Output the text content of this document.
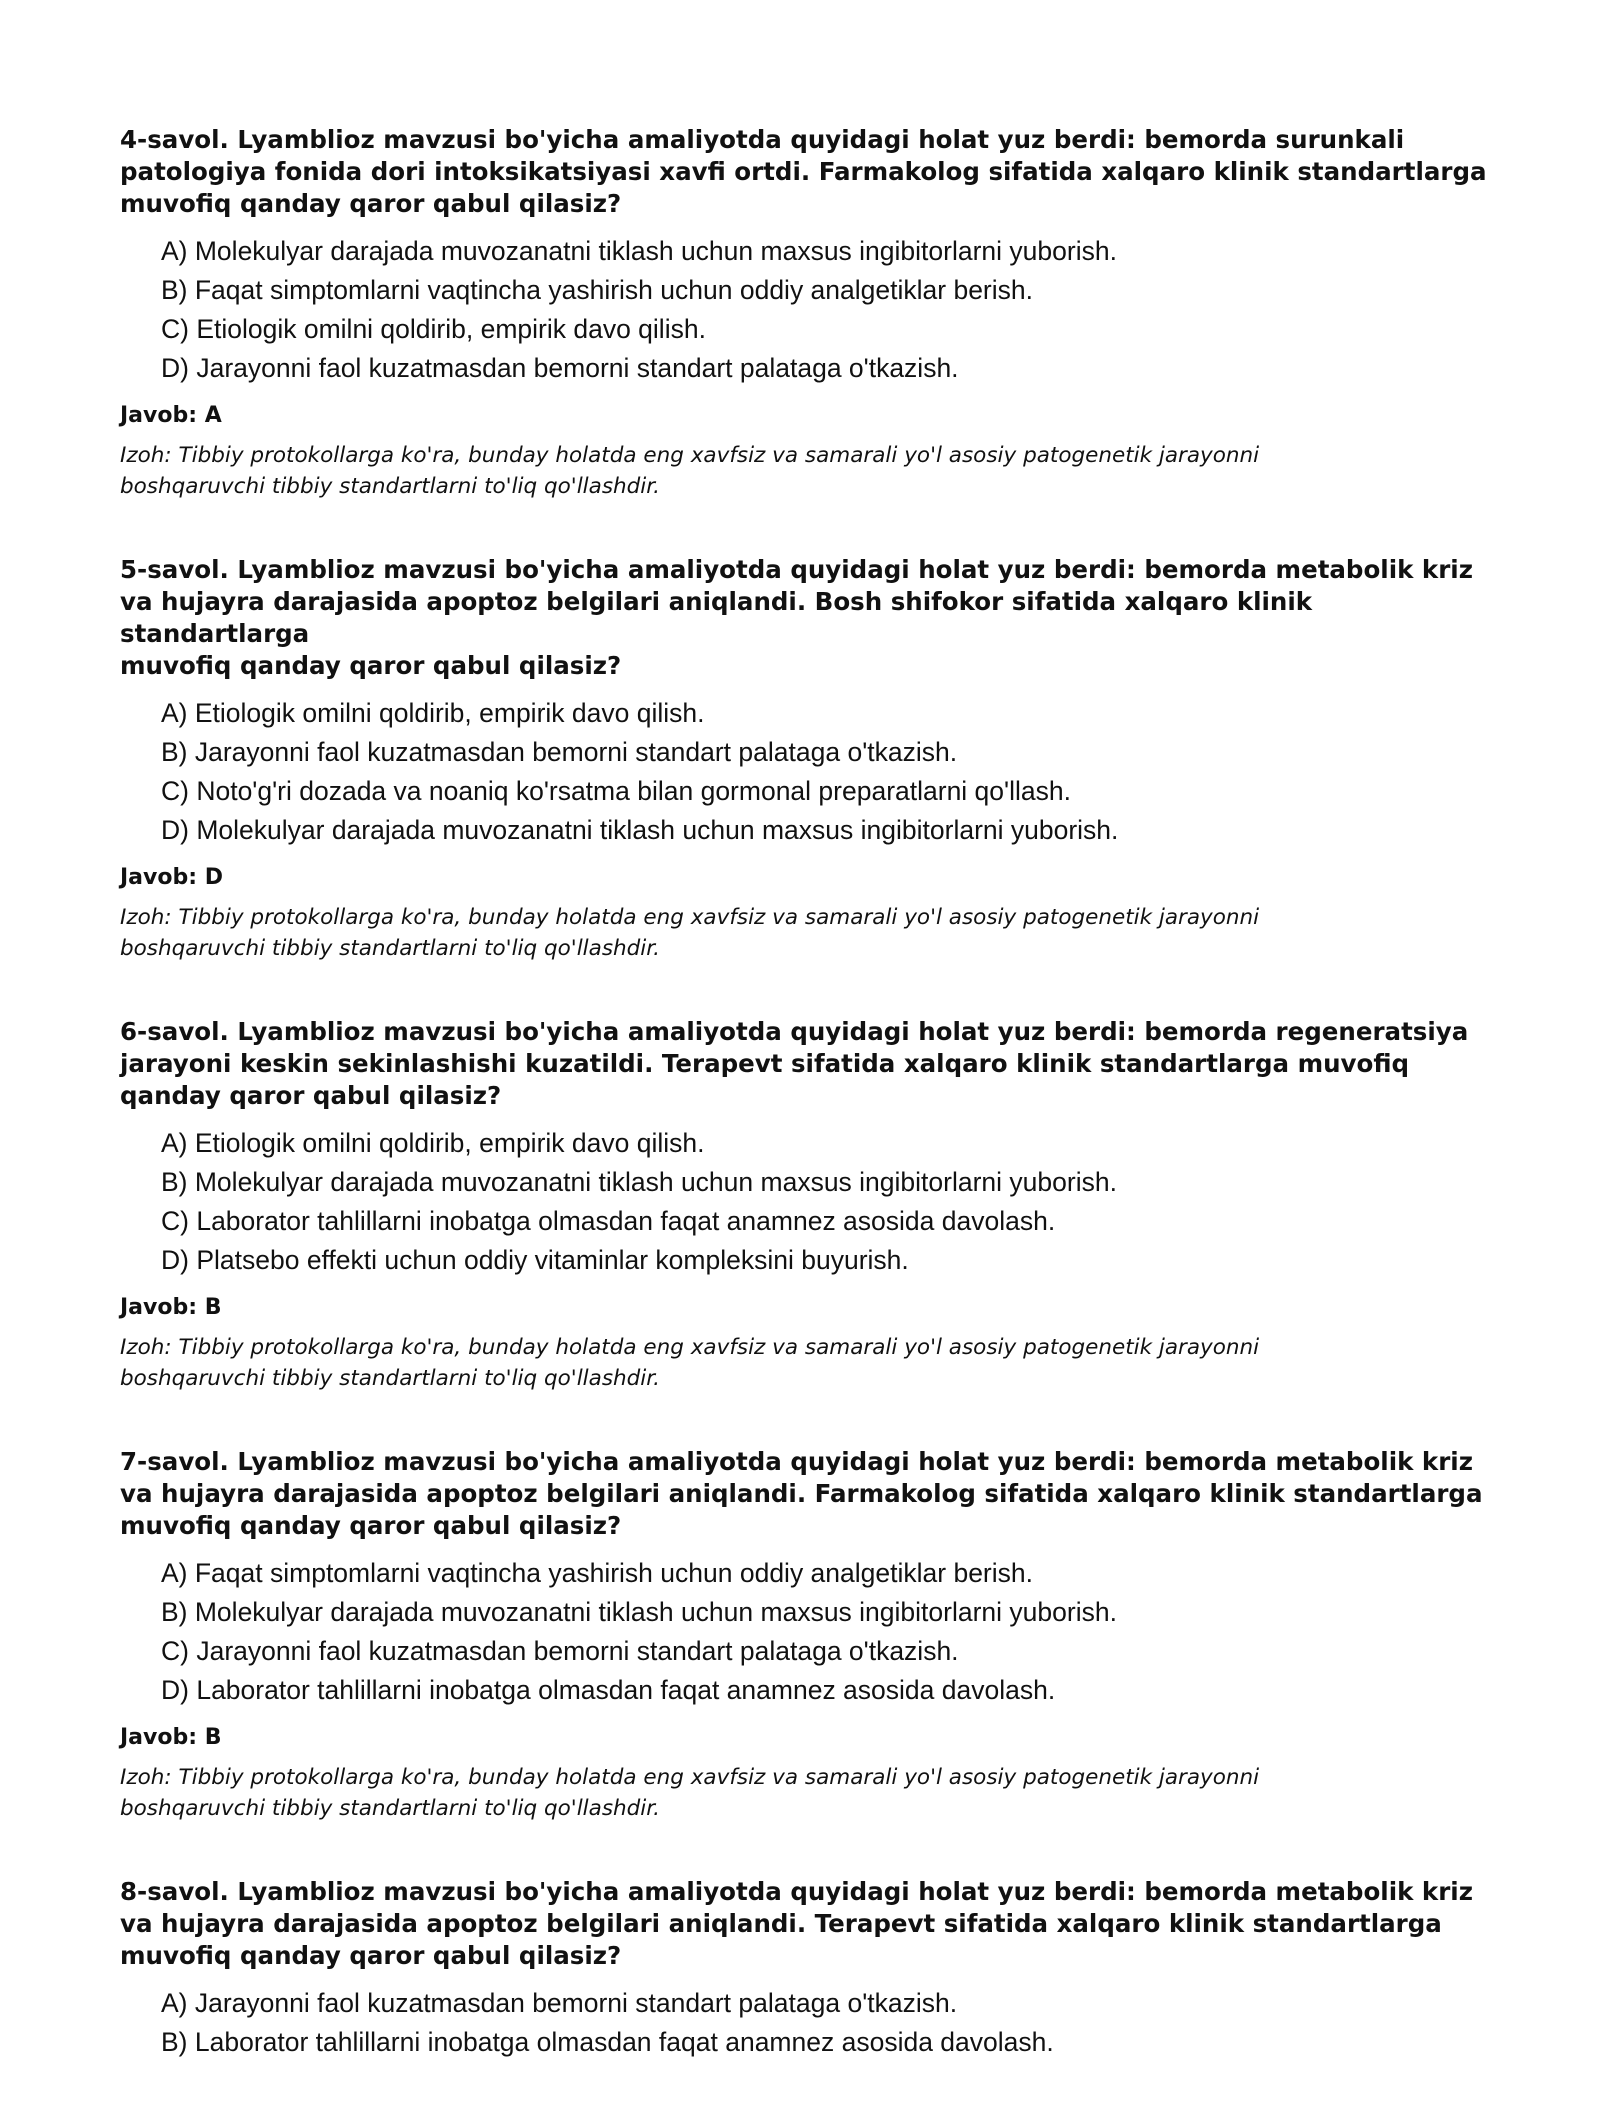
4-savol. Lyamblioz mavzusi bo'yicha amaliyotda quyidagi holat yuz berdi: bemorda surunkali
patologiya fonida dori intoksikatsiyasi xavfi ortdi. Farmakolog sifatida xalqaro klinik standartlarga
muvofiq qanday qaror qabul qilasiz?

A) Molekulyar darajada muvozanatni tiklash uchun maxsus ingibitorlarni yuborish.
B) Faqat simptomlarni vaqtincha yashirish uchun oddiy analgetiklar berish.
C) Etiologik omilni qoldirib, empirik davo qilish.
D) Jarayonni faol kuzatmasdan bemorni standart palataga o'tkazish.

Javob: A

Izoh: Tibbiy protokollarga ko'ra, bunday holatda eng xavfsiz va samarali yo'l asosiy patogenetik jarayonni
boshqaruvchi tibbiy standartlarni to'liq qo'llashdir.

5-savol. Lyamblioz mavzusi bo'yicha amaliyotda quyidagi holat yuz berdi: bemorda metabolik kriz
va hujayra darajasida apoptoz belgilari aniqlandi. Bosh shifokor sifatida xalqaro klinik standartlarga
muvofiq qanday qaror qabul qilasiz?

A) Etiologik omilni qoldirib, empirik davo qilish.
B) Jarayonni faol kuzatmasdan bemorni standart palataga o'tkazish.
C) Noto'g'ri dozada va noaniq ko'rsatma bilan gormonal preparatlarni qo'llash.
D) Molekulyar darajada muvozanatni tiklash uchun maxsus ingibitorlarni yuborish.

Javob: D

Izoh: Tibbiy protokollarga ko'ra, bunday holatda eng xavfsiz va samarali yo'l asosiy patogenetik jarayonni
boshqaruvchi tibbiy standartlarni to'liq qo'llashdir.

6-savol. Lyamblioz mavzusi bo'yicha amaliyotda quyidagi holat yuz berdi: bemorda regeneratsiya
jarayoni keskin sekinlashishi kuzatildi. Terapevt sifatida xalqaro klinik standartlarga muvofiq
qanday qaror qabul qilasiz?

A) Etiologik omilni qoldirib, empirik davo qilish.
B) Molekulyar darajada muvozanatni tiklash uchun maxsus ingibitorlarni yuborish.
C) Laborator tahlillarni inobatga olmasdan faqat anamnez asosida davolash.
D) Platsebo effekti uchun oddiy vitaminlar kompleksini buyurish.

Javob: B

Izoh: Tibbiy protokollarga ko'ra, bunday holatda eng xavfsiz va samarali yo'l asosiy patogenetik jarayonni
boshqaruvchi tibbiy standartlarni to'liq qo'llashdir.

7-savol. Lyamblioz mavzusi bo'yicha amaliyotda quyidagi holat yuz berdi: bemorda metabolik kriz
va hujayra darajasida apoptoz belgilari aniqlandi. Farmakolog sifatida xalqaro klinik standartlarga
muvofiq qanday qaror qabul qilasiz?

A) Faqat simptomlarni vaqtincha yashirish uchun oddiy analgetiklar berish.
B) Molekulyar darajada muvozanatni tiklash uchun maxsus ingibitorlarni yuborish.
C) Jarayonni faol kuzatmasdan bemorni standart palataga o'tkazish.
D) Laborator tahlillarni inobatga olmasdan faqat anamnez asosida davolash.

Javob: B

Izoh: Tibbiy protokollarga ko'ra, bunday holatda eng xavfsiz va samarali yo'l asosiy patogenetik jarayonni
boshqaruvchi tibbiy standartlarni to'liq qo'llashdir.

8-savol. Lyamblioz mavzusi bo'yicha amaliyotda quyidagi holat yuz berdi: bemorda metabolik kriz
va hujayra darajasida apoptoz belgilari aniqlandi. Terapevt sifatida xalqaro klinik standartlarga
muvofiq qanday qaror qabul qilasiz?

A) Jarayonni faol kuzatmasdan bemorni standart palataga o'tkazish.
B) Laborator tahlillarni inobatga olmasdan faqat anamnez asosida davolash.
